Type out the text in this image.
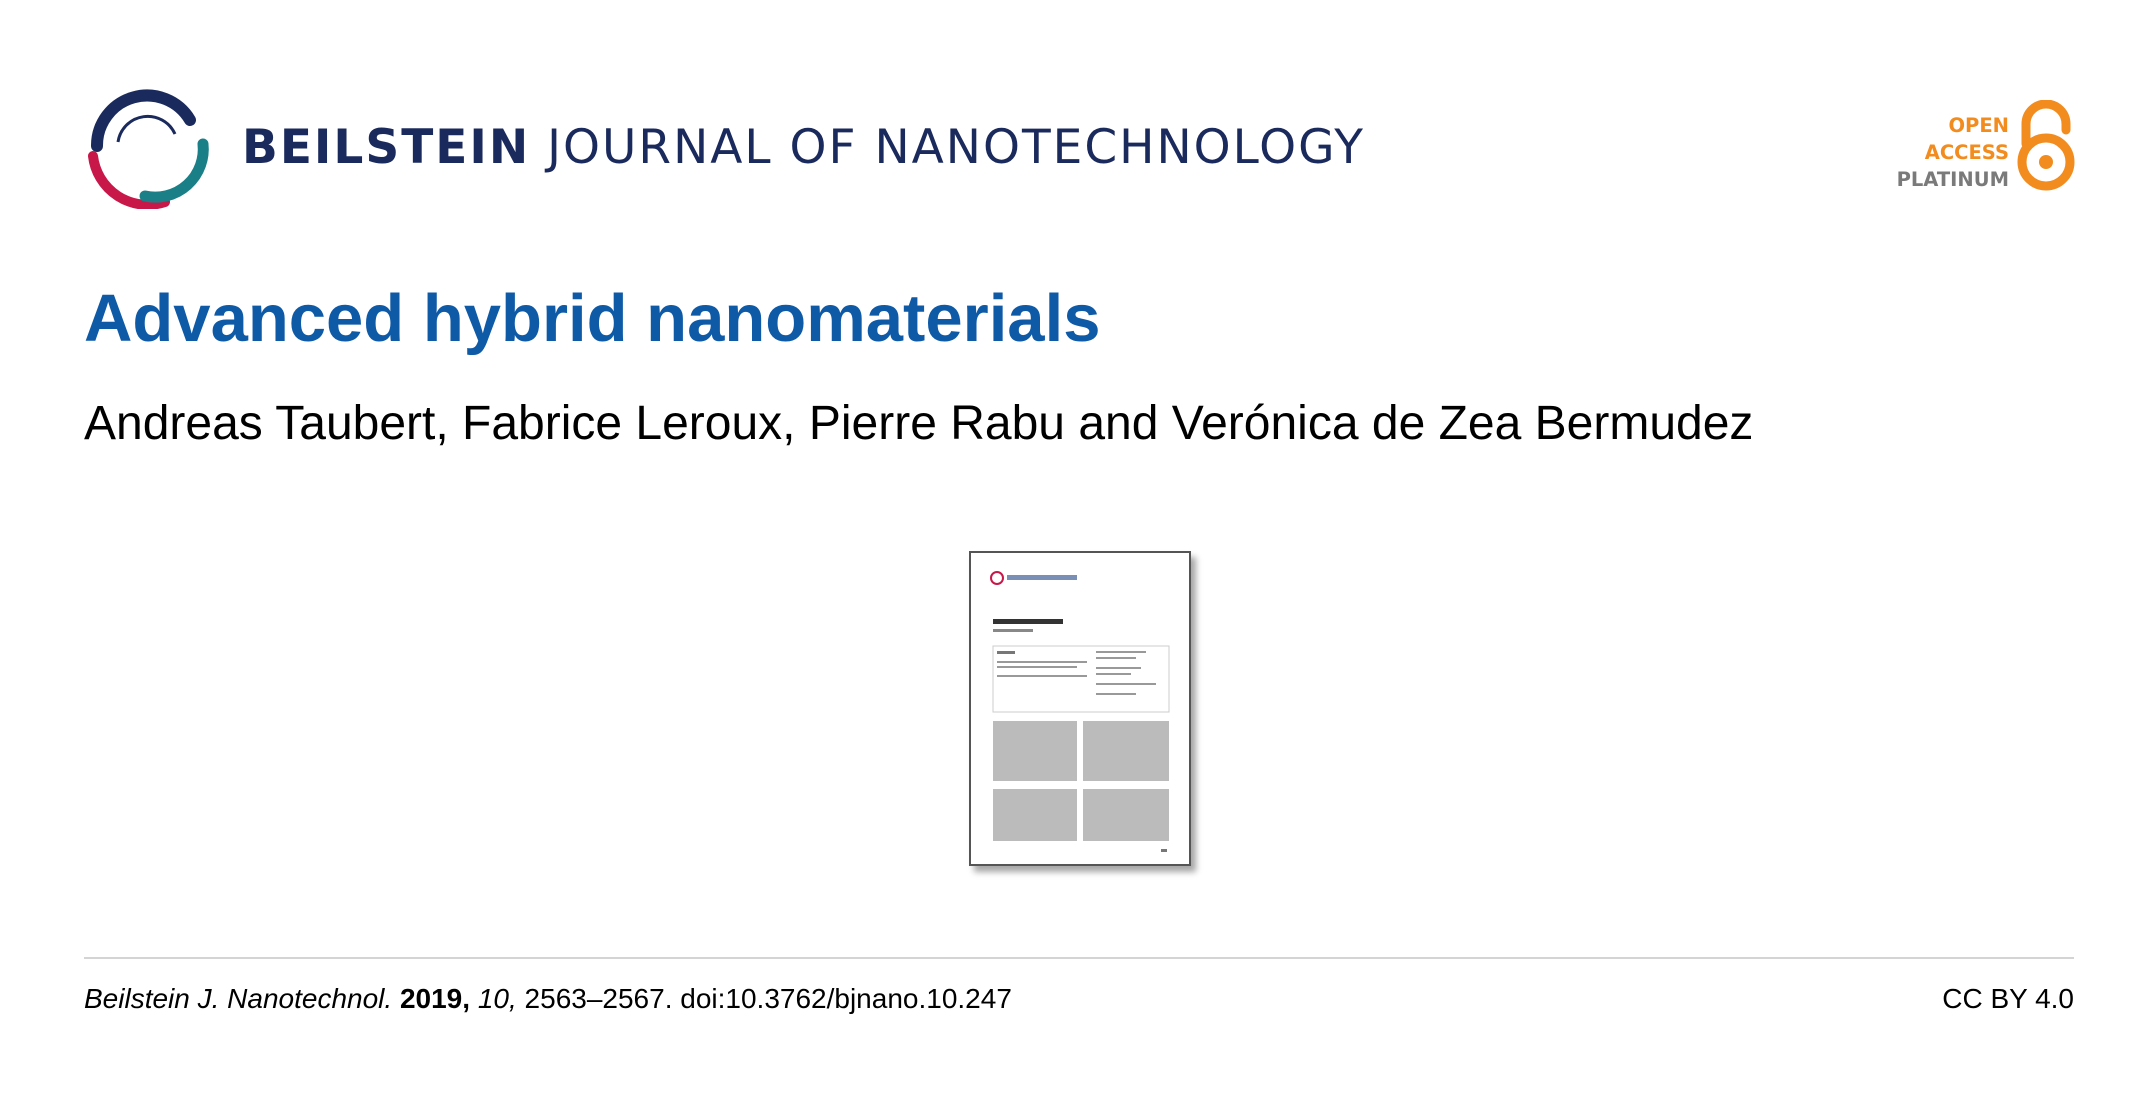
BEILSTEIN JOURNAL OF NANOTECHNOLOGY	OPEN
ACCESS
PLATINUM
Advanced hybrid nanomaterials
Andreas Taubert, Fabrice Leroux, Pierre Rabu and Verónica de Zea Bermudez
Beilstein J. Nanotechnol. 2019, 10, 2563–2567. doi:10.3762/bjnano.10.247	CC BY 4.0
